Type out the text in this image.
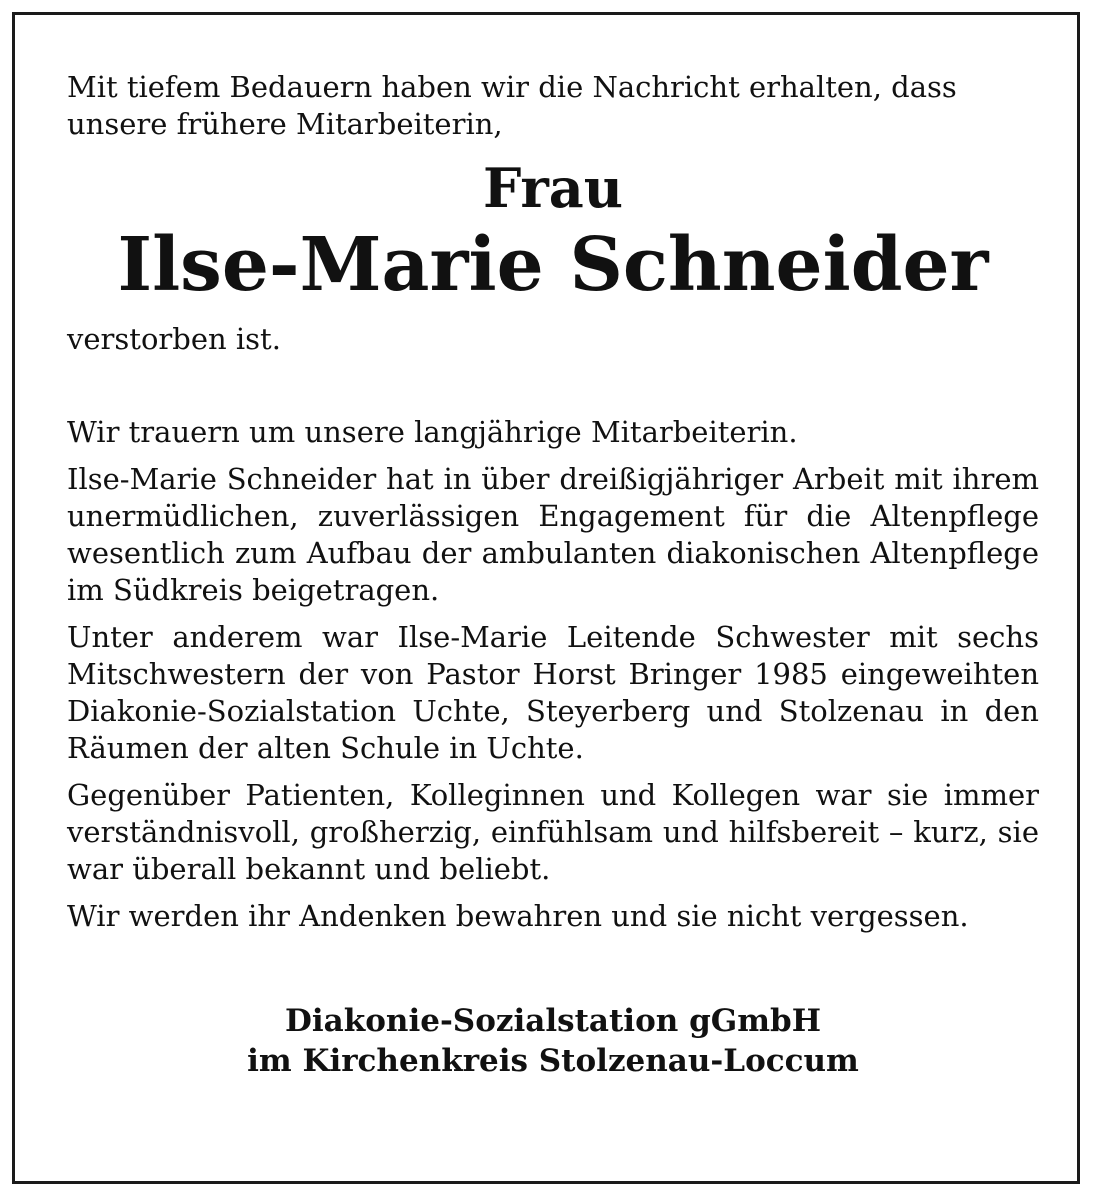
Mit tiefem Bedauern haben wir die Nachricht erhalten, dass unsere frühere Mitarbeiterin,

Frau
Ilse-Marie Schneider

verstorben ist.

Wir trauern um unsere langjährige Mitarbeiterin.

Ilse-Marie Schneider hat in über dreißigjähriger Arbeit mit ihrem unermüdlichen, zuverlässigen Engagement für die Altenpflege wesentlich zum Aufbau der ambulanten diakonischen Altenpflege im Südkreis beigetragen.

Unter anderem war Ilse-Marie Leitende Schwester mit sechs Mitschwestern der von Pastor Horst Bringer 1985 eingeweihten Diakonie-Sozialstation Uchte, Steyerberg und Stolzenau in den Räumen der alten Schule in Uchte.

Gegenüber Patienten, Kolleginnen und Kollegen war sie immer verständnisvoll, großherzig, einfühlsam und hilfsbereit – kurz, sie war überall bekannt und beliebt.

Wir werden ihr Andenken bewahren und sie nicht vergessen.

Diakonie-Sozialstation gGmbH
im Kirchenkreis Stolzenau-Loccum
